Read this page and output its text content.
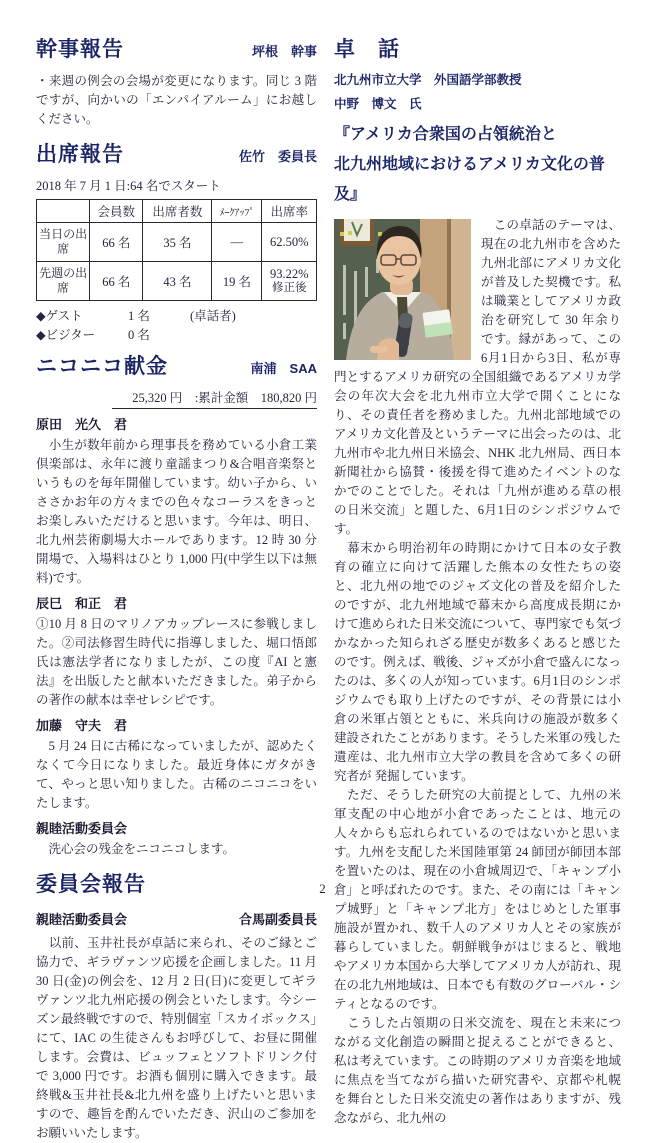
幹事報告	坪根　幹事

・来週の例会の会場が変更になります。同じ 3 階ですが、向かいの「エンパイアルーム」にお越しください。

出席報告	佐竹　委員長
2018 年 7 月 1 日:64 名でスタート
	会員数	出席者数	ﾒｰｸｱｯﾌﾟ	出席率
当日の出席	66 名	35 名	―	62.50%
先週の出席	66 名	43 名	19 名	93.22%
修正後
◆ゲスト	1 名	(卓話者)
◆ビジター	0 名
ニコニコ献金	南浦　SAA
25,320 円　:累計金額　180,820 円
原田　光久　君

　小生が数年前から理事長を務めている小倉工業倶楽部は、永年に渡り童謡まつり&合唱音楽祭というものを毎年開催しています。幼い子から、いささかお年の方々までの色々なコーラスをきっとお楽しみいただけると思います。今年は、明日、北九州芸術劇場大ホールであります。12 時 30 分開場で、入場料はひとり 1,000 円(中学生以下は無料)です。

辰巳　和正　君

①10 月 8 日のマリノアカップレースに参戦しました。②司法修習生時代に指導しました、堀口悟郎氏は憲法学者になりましたが、この度『AI と憲法』を出版したと献本いただきました。弟子からの著作の献本は幸せレシピです。

加藤　守夫　君

　5 月 24 日に古稀になっていましたが、認めたくなくて今日になりました。最近身体にガタがきて、やっと思い知りました。古稀のニコニコをいたします。

親睦活動委員会

　洗心会の残金をニコニコします。

委員会報告
親睦活動委員会	合馬副委員長

　以前、玉井社長が卓話に来られ、そのご縁とご協力で、ギラヴァンツ応援を企画しました。11 月 30 日(金)の例会を、12 月 2 日(日)に変更してギラヴァンツ北九州応援の例会といたします。今シーズン最終戦ですので、特別個室「スカイボックス」にて、IAC の生徒さんもお呼びして、お昼に開催します。会費は、ビュッフェとソフトドリンク付で 3,000 円です。お酒も個別に購入できます。最終戦&玉井社長&北九州を盛り上げたいと思いますので、趣旨を酌んでいただき、沢山のご参加をお願いいたします。

卓　話
北九州市立大学　外国語学部教授
中野　博文　氏
『アメリカ合衆国の占領統治と
北九州地域におけるアメリカ文化の普及』

　この卓話のテーマは、現在の北九州市を含めた九州北部にアメリカ文化が普及した契機です。私は職業としてアメリカ政治を研究して 30 年余りです。縁があって、この6月1日から3日、私が専門とするアメリカ研究の全国組織であるアメリカ学会の年次大会を北九州市立大学で開くことになり、その責任者を務めました。九州北部地域でのアメリカ文化普及というテーマに出会ったのは、北九州市や北九州日米協会、NHK 北九州局、西日本新聞社から協賛・後援を得て進めたイベントのなかでのことでした。それは「九州が進める草の根の日米交流」と題した、6月1日のシンポジウムです。

　幕末から明治初年の時期にかけて日本の女子教育の確立に向けて活躍した熊本の女性たちの姿と、北九州の地でのジャズ文化の普及を紹介したのですが、北九州地域で幕末から高度成長期にかけて進められた日米交流について、専門家でも気づかなかった知られざる歴史が数多くあると感じたのです。例えば、戦後、ジャズが小倉で盛んになったのは、多くの人が知っています。6月1日のシンポジウムでも取り上げたのですが、その背景には小倉の米軍占領とともに、米兵向けの施設が数多く建設されたことがあります。そうした米軍の残した遺産は、北九州市立大学の教員を含めて多くの研究者が 発掘しています。

　ただ、そうした研究の大前提として、九州の米軍支配の中心地が小倉であったことは、地元の人々からも忘れられているのではないかと思います。九州を支配した米国陸軍第 24 師団が師団本部を置いたのは、現在の小倉城周辺で、「キャンプ小倉」と呼ばれたのです。また、その南には「キャンプ城野」と「キャンプ北方」をはじめとした軍事施設が置かれ、数千人のアメリカ人とその家族が暮らしていました。朝鮮戦争がはじまると、戦地やアメリカ本国から大挙してアメリカ人が訪れ、現在の北九州地域は、日本でも有数のグローバル・シティとなるのです。

　こうした占領期の日米交流を、現在と未来につながる文化創造の瞬間と捉えることができると、私は考えています。この時期のアメリカ音楽を地域に焦点を当てながら描いた研究書や、京都や札幌を舞台とした日米交流史の著作はありますが、残念ながら、北九州の

2
